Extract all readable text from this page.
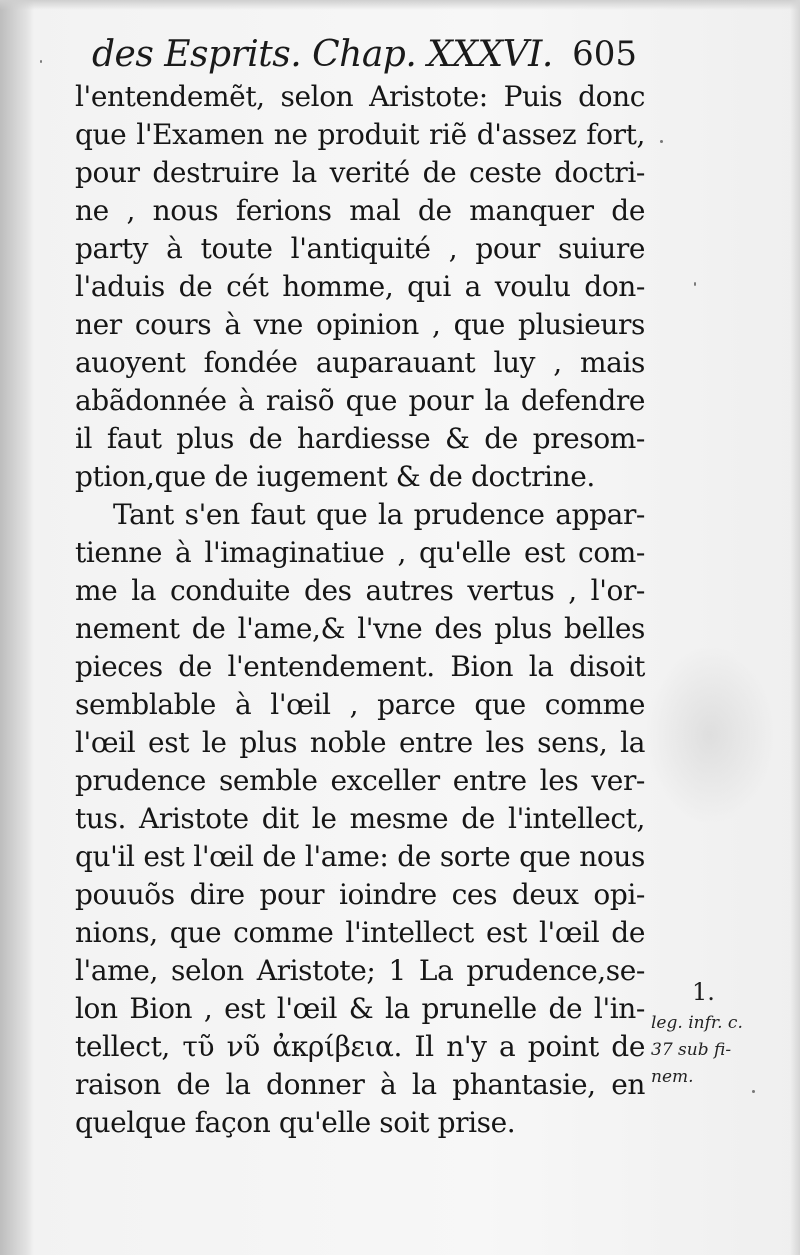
des Esprits. Chap. XXXVI. 605
l'entendemẽt, selon Aristote: Puis donc
que l'Examen ne produit riẽ d'assez fort,
pour destruire la verité de ceste doctri-
ne , nous ferions mal de manquer de
party à toute l'antiquité , pour suiure
l'aduis de cét homme, qui a voulu don-
ner cours à vne opinion , que plusieurs
auoyent fondée auparauant luy , mais
abãdonnée à raisõ que pour la defendre
il faut plus de hardiesse & de presom-
ption,que de iugement & de doctrine.
Tant s'en faut que la prudence appar-
tienne à l'imaginatiue , qu'elle est com-
me la conduite des autres vertus , l'or-
nement de l'ame,& l'vne des plus belles
pieces de l'entendement. Bion la disoit
semblable à l'œil , parce que comme
l'œil est le plus noble entre les sens, la
prudence semble exceller entre les ver-
tus. Aristote dit le mesme de l'intellect,
qu'il est l'œil de l'ame: de sorte que nous
pouuõs dire pour ioindre ces deux opi-
nions, que comme l'intellect est l'œil de
l'ame, selon Aristote; 1 La prudence,se-
lon Bion , est l'œil & la prunelle de l'in-
tellect, τῦ νῦ ἀκρίβεια. Il n'y a point de
raison de la donner à la phantasie, en
quelque façon qu'elle soit prise.
1.
leg. infr. c.
37 sub fi-
nem.
